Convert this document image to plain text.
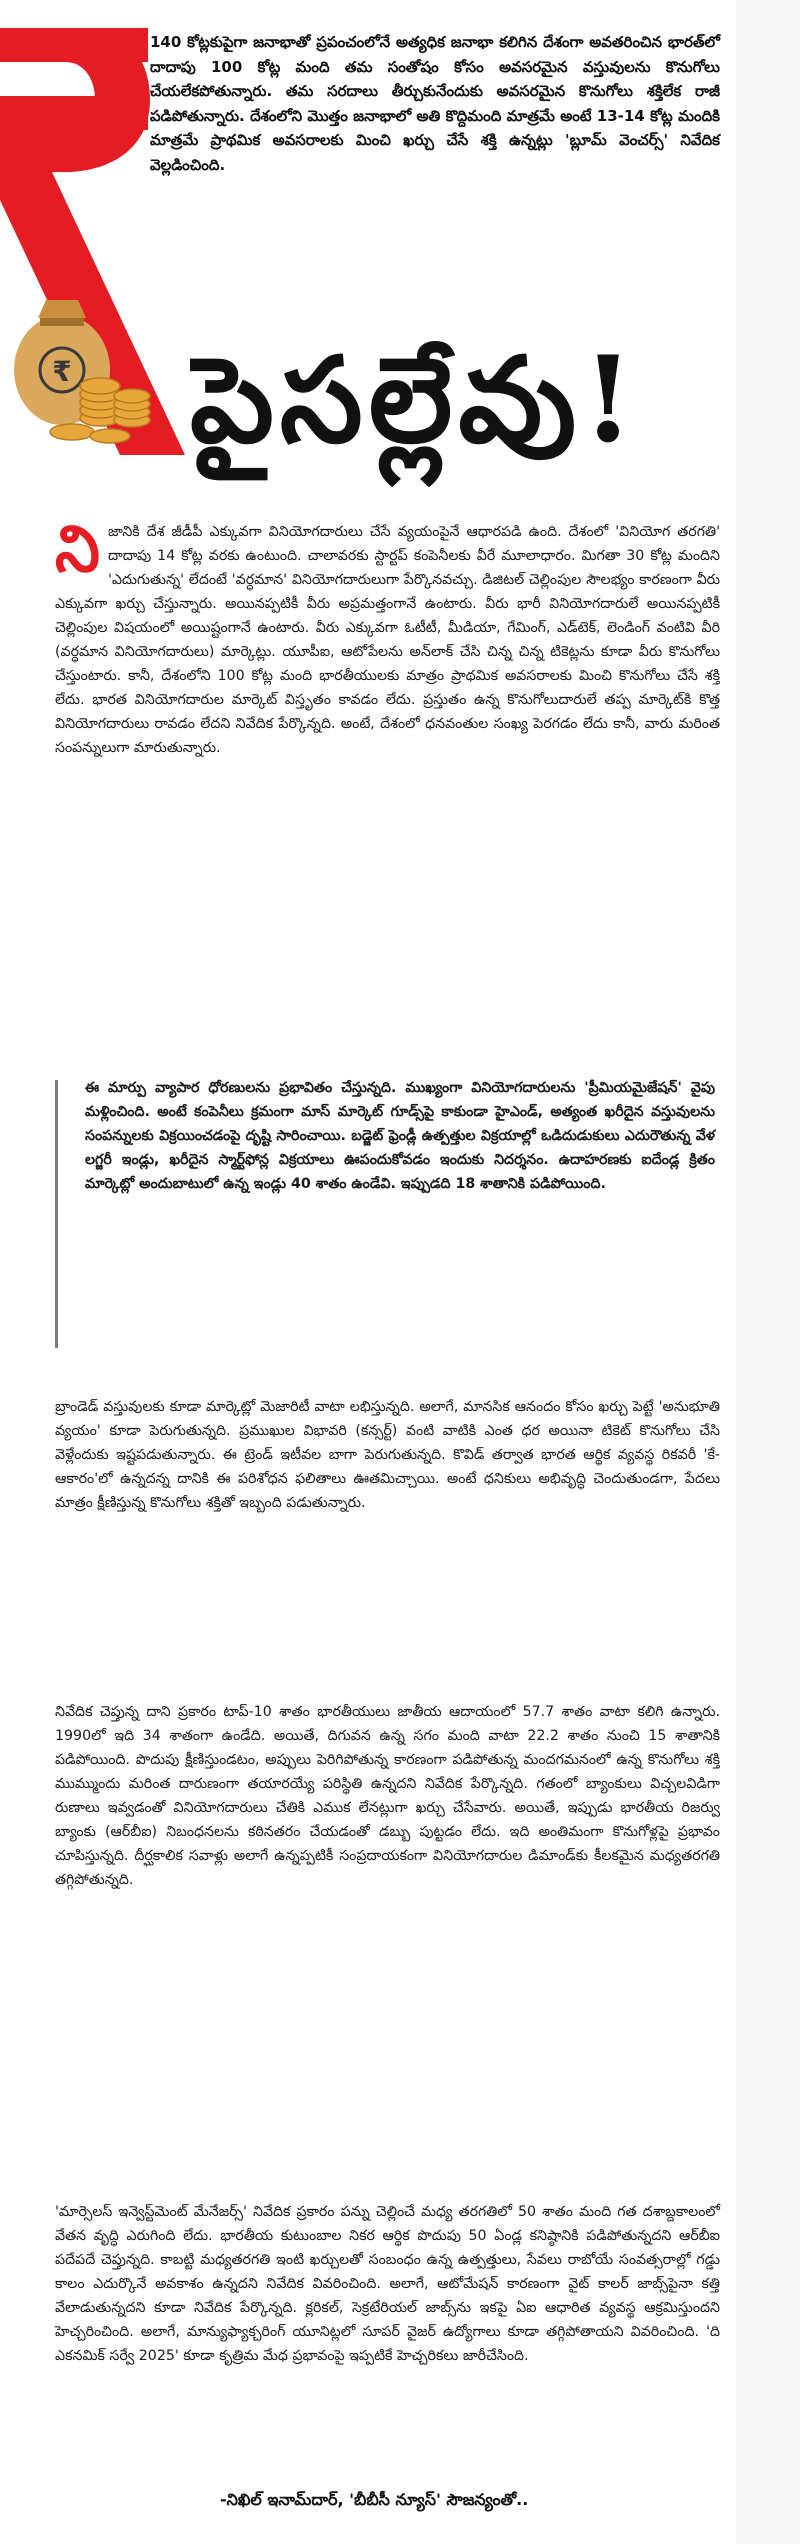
₹

140 కోట్లకుపైగా జనాభాతో ప్రపంచంలోనే అత్యధిక జనాభా కలిగిన దేశంగా అవతరించిన భారత్‌లో దాదాపు 100 కోట్ల మంది తమ సంతోషం కోసం అవసరమైన వస్తువులను కొనుగోలు చేయలేకపోతున్నారు. తమ సరదాలు తీర్చుకునేందుకు అవసరమైన కొనుగోలు శక్తిలేక రాజీ పడిపోతున్నారు. దేశంలోని మొత్తం జనాభాలో అతి కొద్దిమంది మాత్రమే అంటే 13-14 కోట్ల మందికి మాత్రమే ప్రాథమిక అవసరాలకు మించి ఖర్చు చేసే శక్తి ఉన్నట్లు 'బ్లూమ్ వెంచర్స్' నివేదిక వెల్లడించింది.

పైసల్లేవు!
ని జానికి దేశ జీడీపీ ఎక్కువగా వినియోగదారులు చేసే వ్యయంపైనే ఆధారపడి ఉంది. దేశంలో 'వినియోగ తరగతి' దాదాపు 14 కోట్ల వరకు ఉంటుంది. చాలావరకు స్టార్టప్ కంపెనీలకు వీరే మూలాధారం. మిగతా 30 కోట్ల మందిని 'ఎదుగుతున్న' లేదంటే 'వర్ధమాన' వినియోగదారులుగా పేర్కొనవచ్చు. డిజిటల్ చెల్లింపుల సౌలభ్యం కారణంగా వీరు ఎక్కువగా ఖర్చు చేస్తున్నారు. అయినప్పటికీ వీరు అప్రమత్తంగానే ఉంటారు. వీరు భారీ వినియోగదారులే అయినప్పటికీ చెల్లింపుల విషయంలో అయిష్టంగానే ఉంటారు. వీరు ఎక్కువగా ఓటీటీ, మీడియా, గేమింగ్, ఎడ్‌టెక్, లెండింగ్ వంటివి వీరి (వర్ధమాన వినియోగదారులు) మార్కెట్లు. యూపీఐ, ఆటోపేలను అన్‌లాక్ చేసి చిన్న చిన్న టికెట్లను కూడా వీరు కొనుగోలు చేస్తుంటారు. కానీ, దేశంలోని 100 కోట్ల మంది భారతీయులకు మాత్రం ప్రాథమిక అవసరాలకు మించి కొనుగోలు చేసే శక్తి లేదు. భారత వినియోగదారుల మార్కెట్ విస్తృతం కావడం లేదు. ప్రస్తుతం ఉన్న కొనుగోలుదారులే తప్ప మార్కెట్‌కి కొత్త వినియోగదారులు రావడం లేదని నివేదిక పేర్కొన్నది. అంటే, దేశంలో ధనవంతుల సంఖ్య పెరగడం లేదు కానీ, వారు మరింత సంపన్నులుగా మారుతున్నారు.

ఈ మార్పు వ్యాపార ధోరణులను ప్రభావితం చేస్తున్నది. ముఖ్యంగా వినియోగదారులను 'ప్రీమియమైజేషన్' వైపు మళ్లించింది. అంటే కంపెనీలు క్రమంగా మాస్ మార్కెట్ గూడ్స్‌పై కాకుండా హైఎండ్, అత్యంత ఖరీదైన వస్తువులను సంపన్నులకు విక్రయించడంపై దృష్టి సారించాయి. బడ్జెట్ ఫ్రెండ్లీ ఉత్పత్తుల విక్రయాల్లో ఒడిదుడుకులు ఎదురౌతున్న వేళ లగ్జరీ ఇండ్లు, ఖరీదైన స్మార్ట్‌ఫోన్ల విక్రయాలు ఊపందుకోవడం ఇందుకు నిదర్శనం. ఉదాహరణకు ఐదేండ్ల క్రితం మార్కెట్లో అందుబాటులో ఉన్న ఇండ్లు 40 శాతం ఉండేవి. ఇప్పుడది 18 శాతానికి పడిపోయింది.

బ్రాండెడ్ వస్తువులకు కూడా మార్కెట్లో మెజారిటీ వాటా లభిస్తున్నది. అలాగే, మానసిక ఆనందం కోసం ఖర్చు పెట్టే 'అనుభూతి వ్యయం' కూడా పెరుగుతున్నది. ప్రముఖుల విభావరి (కన్సర్ట్) వంటి వాటికి ఎంత ధర అయినా టికెట్ కొనుగోలు చేసి వెళ్లేందుకు ఇష్టపడుతున్నారు. ఈ ట్రెండ్ ఇటీవల బాగా పెరుగుతున్నది. కొవిడ్ తర్వాత భారత ఆర్థిక వ్యవస్థ రికవరీ 'కే-ఆకారం'లో ఉన్నదన్న దానికి ఈ పరిశోధన ఫలితాలు ఊతమిచ్చాయి. అంటే ధనికులు అభివృద్ధి చెందుతుండగా, పేదలు మాత్రం క్షీణిస్తున్న కొనుగోలు శక్తితో ఇబ్బంది పడుతున్నారు.

నివేదిక చెప్తున్న దాని ప్రకారం టాప్-10 శాతం భారతీయులు జాతీయ ఆదాయంలో 57.7 శాతం వాటా కలిగి ఉన్నారు. 1990లో ఇది 34 శాతంగా ఉండేది. అయితే, దిగువన ఉన్న సగం మంది వాటా 22.2 శాతం నుంచి 15 శాతానికి పడిపోయింది. పొదుపు క్షీణిస్తుండటం, అప్పులు పెరిగిపోతున్న కారణంగా పడిపోతున్న మందగమనంలో ఉన్న కొనుగోలు శక్తి ముమ్ముందు మరింత దారుణంగా తయారయ్యే పరిస్థితి ఉన్నదని నివేదిక పేర్కొన్నది. గతంలో బ్యాంకులు విచ్చలవిడిగా రుణాలు ఇవ్వడంతో వినియోగదారులు చేతికి ఎముక లేనట్లుగా ఖర్చు చేసేవారు. అయితే, ఇప్పుడు భారతీయ రిజర్వు బ్యాంకు (ఆర్‌బీఐ) నిబంధనలను కఠినతరం చేయడంతో డబ్బు పుట్టడం లేదు. ఇది అంతిమంగా కొనుగోళ్లపై ప్రభావం చూపిస్తున్నది. దీర్ఘకాలిక సవాళ్లు అలాగే ఉన్నప్పటికీ సంప్రదాయకంగా వినియోగదారుల డిమాండ్‌కు కీలకమైన మధ్యతరగతి తగ్గిపోతున్నది.

'మార్సెలస్ ఇన్వెస్ట్‌మెంట్ మేనేజర్స్' నివేదిక ప్రకారం పన్ను చెల్లించే మధ్య తరగతిలో 50 శాతం మంది గత దశాబ్దకాలంలో వేతన వృద్ధి ఎరుగింది లేదు. భారతీయ కుటుంబాల నికర ఆర్థిక పొదుపు 50 ఏండ్ల కనిష్ఠానికి పడిపోతున్నదని ఆర్‌బీఐ పదేపదే చెప్తున్నది. కాబట్టి మధ్యతరగతి ఇంటి ఖర్చులతో సంబంధం ఉన్న ఉత్పత్తులు, సేవలు రాబోయే సంవత్సరాల్లో గడ్డు కాలం ఎదుర్కొనే అవకాశం ఉన్నదని నివేదిక వివరించింది. అలాగే, ఆటోమేషన్ కారణంగా వైట్ కాలర్ జాబ్స్‌పైనా కత్తి వేలాడుతున్నదని కూడా నివేదిక పేర్కొన్నది. క్లరికల్, సెక్రటేరియల్ జాబ్స్‌ను ఇకపై ఏఐ ఆధారిత వ్యవస్థ ఆక్రమిస్తుందని హెచ్చరించింది. అలాగే, మాన్యుఫ్యాక్చరింగ్ యూనిట్లలో సూపర్ వైజర్ ఉద్యోగాలు కూడా తగ్గిపోతాయని వివరించింది. 'ది ఎకనమిక్ సర్వే 2025' కూడా కృత్రిమ మేధ ప్రభావంపై ఇప్పటికే హెచ్చరికలు జారీచేసింది.

-నిఖిల్ ఇనామ్‌దార్, 'బీబీసీ న్యూస్' సౌజన్యంతో..
